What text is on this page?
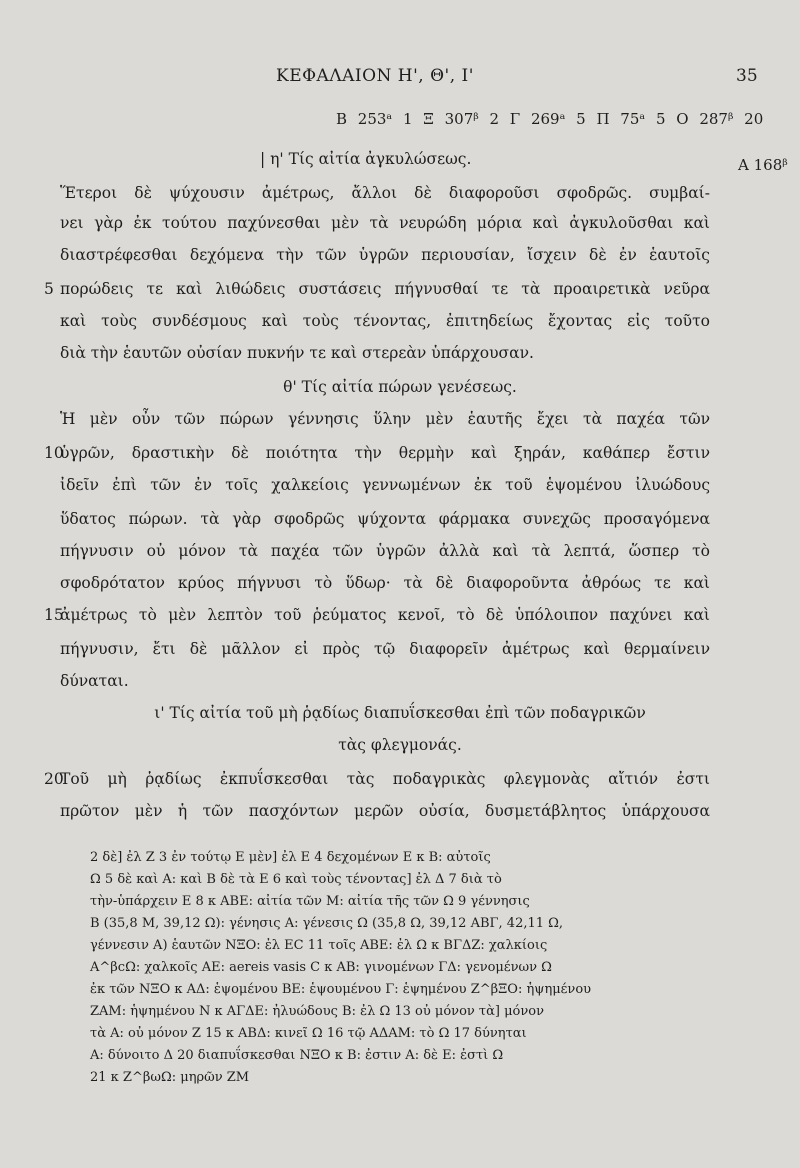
ΚΕΦΑΛΑΙΟΝ Η', Θ', Ι'	35
B 253ᵃ 1 Ξ 307ᵝ 2 Γ 269ᵃ 5 Π 75ᵃ 5 O 287ᵝ 20
A 168ᵝ
| η' Τίς αἰτία ἀγκυλώσεως.
Ἕτεροι δὲ ψύχουσιν ἀμέτρως, ἄλλοι δὲ διαφοροῦσι σφοδρῶς. συμβαί-
νει γὰρ ἐκ τούτου παχύνεσθαι μὲν τὰ νευρώδη μόρια καὶ ἀγκυλοῦσθαι καὶ
διαστρέφεσθαι δεχόμενα τὴν τῶν ὑγρῶν περιουσίαν, ἴσχειν δὲ ἐν ἑαυτοῖς
πορώδεις τε καὶ λιθώδεις συστάσεις πήγνυσθαί τε τὰ προαιρετικὰ νεῦρα
καὶ τοὺς συνδέσμους καὶ τοὺς τένοντας, ἐπιτηδείως ἔχοντας εἰς τοῦτο
διὰ τὴν ἑαυτῶν οὐσίαν πυκνήν τε καὶ στερεὰν ὑπάρχουσαν.
θ' Τίς αἰτία πώρων γενέσεως.
Ἡ μὲν οὖν τῶν πώρων γέννησις ὕλην μὲν ἑαυτῆς ἔχει τὰ παχέα τῶν
ὑγρῶν, δραστικὴν δὲ ποιότητα τὴν θερμὴν καὶ ξηράν, καθάπερ ἔστιν
ἰδεῖν ἐπὶ τῶν ἐν τοῖς χαλκείοις γεννωμένων ἐκ τοῦ ἑψομένου ἰλυώδους
ὕδατος πώρων. τὰ γὰρ σφοδρῶς ψύχοντα φάρμακα συνεχῶς προσαγόμενα
πήγνυσιν οὐ μόνον τὰ παχέα τῶν ὑγρῶν ἀλλὰ καὶ τὰ λεπτά, ὥσπερ τὸ
σφοδρότατον κρύος πήγνυσι τὸ ὕδωρ· τὰ δὲ διαφοροῦντα ἀθρόως τε καὶ
ἀμέτρως τὸ μὲν λεπτὸν τοῦ ῥεύματος κενοῖ, τὸ δὲ ὑπόλοιπον παχύνει καὶ
πήγνυσιν, ἔτι δὲ μᾶλλον εἰ πρὸς τῷ διαφορεῖν ἀμέτρως καὶ θερμαίνειν
δύναται.
ι' Τίς αἰτία τοῦ μὴ ῥᾳδίως διαπυΐσκεσθαι ἐπὶ τῶν ποδαγρικῶν
τὰς φλεγμονάς.
Τοῦ μὴ ῥᾳδίως ἐκπυΐσκεσθαι τὰς ποδαγρικὰς φλεγμονὰς αἴτιόν ἐστι
πρῶτον μὲν ἡ τῶν πασχόντων μερῶν οὐσία, δυσμετάβλητος ὑπάρχουσα
5
10
15
20
2 δὲ] ἐλ Z 3 ἐν τούτῳ E μὲν] ἐλ E 4 δεχομένων E κ B: αὐτοῖς
Ω 5 δὲ καὶ A: καὶ B δὲ τὰ E 6 καὶ τοὺς τένοντας] ἐλ Δ 7 διὰ τὸ
τὴν-ὑπάρχειν E 8 κ ABE: αἰτία τῶν M: αἰτία τῆς τῶν Ω 9 γέννησις
B (35,8 M, 39,12 Ω): γένησις A: γένεσις Ω (35,8 Ω, 39,12 ABΓ, 42,11 Ω,
γέννεσιν A) ἑαυτῶν NΞO: ἐλ EC 11 τοῖς ABE: ἐλ Ω κ BΓΔZ: χαλκίοις
A^βcΩ: χαλκοῖς AE: aereis vasis C κ AB: γινομένων ΓΔ: γενομένων Ω
ἐκ τῶν NΞO κ AΔ: ἑψομένου BE: ἑψουμένου Γ: ἑψημένου Z^βΞO: ἡψημένου
ZAM: ἡψημένου N κ AΓΔE: ἠλυώδους B: ἐλ Ω 13 οὐ μόνον τὰ] μόνον
τὰ A: οὐ μόνον Z 15 κ ABΔ: κινεῖ Ω 16 τῷ AΔAM: τὸ Ω 17 δύνηται
A: δύνοιτο Δ 20 διαπυΐσκεσθαι NΞO κ B: ἐστιν A: δὲ E: ἐστὶ Ω
21 κ Z^βωΩ: μηρῶν ZM
